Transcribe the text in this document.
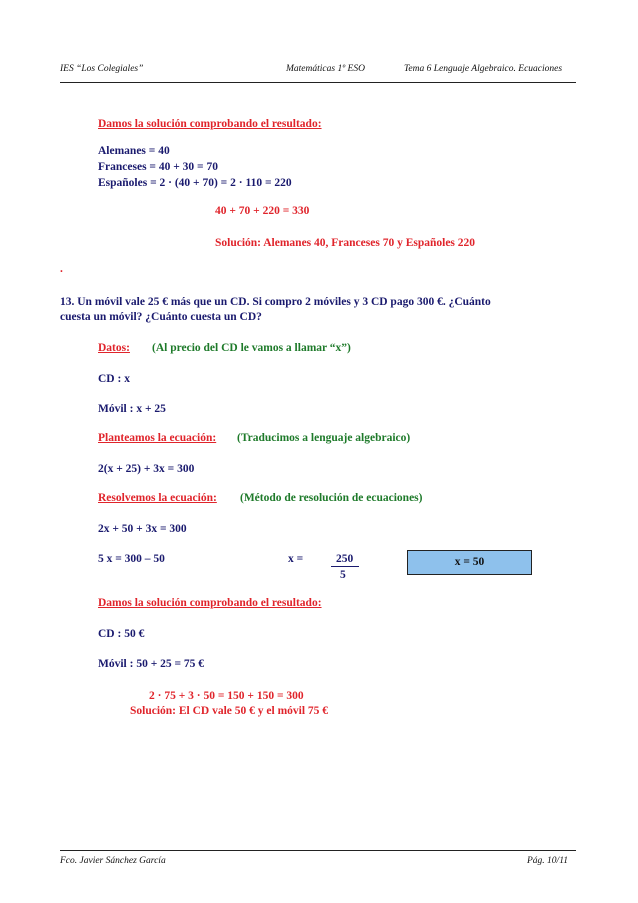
IES “Los Colegiales”	Matemáticas 1º ESO	Tema 6 Lenguaje Algebraico. Ecuaciones
Damos la solución comprobando el resultado:
Alemanes = 40
Franceses = 40 + 30 = 70
Españoles = 2 · (40 + 70) = 2 · 110 = 220
40 + 70 + 220 = 330
Solución: Alemanes 40, Franceses 70 y Españoles 220
.
13. Un móvil vale 25 € más que un CD. Si compro 2 móviles y 3 CD pago 300 €. ¿Cuánto
cuesta un móvil? ¿Cuánto cuesta un CD?
Datos: (Al precio del CD le vamos a llamar “x”)
CD : x
Móvil : x + 25
Planteamos la ecuación: (Traducimos a lenguaje algebraico)
2(x + 25) + 3x = 300
Resolvemos la ecuación: (Método de resolución de ecuaciones)
2x + 50 + 3x = 300
5 x = 300 – 50	x =	250
5
x = 50
Damos la solución comprobando el resultado:
CD : 50 €
Móvil : 50 + 25 = 75 €
2 · 75 + 3 · 50 = 150 + 150 = 300
Solución: El CD vale 50 € y el móvil 75 €
Fco. Javier Sánchez García	Pág. 10/11
